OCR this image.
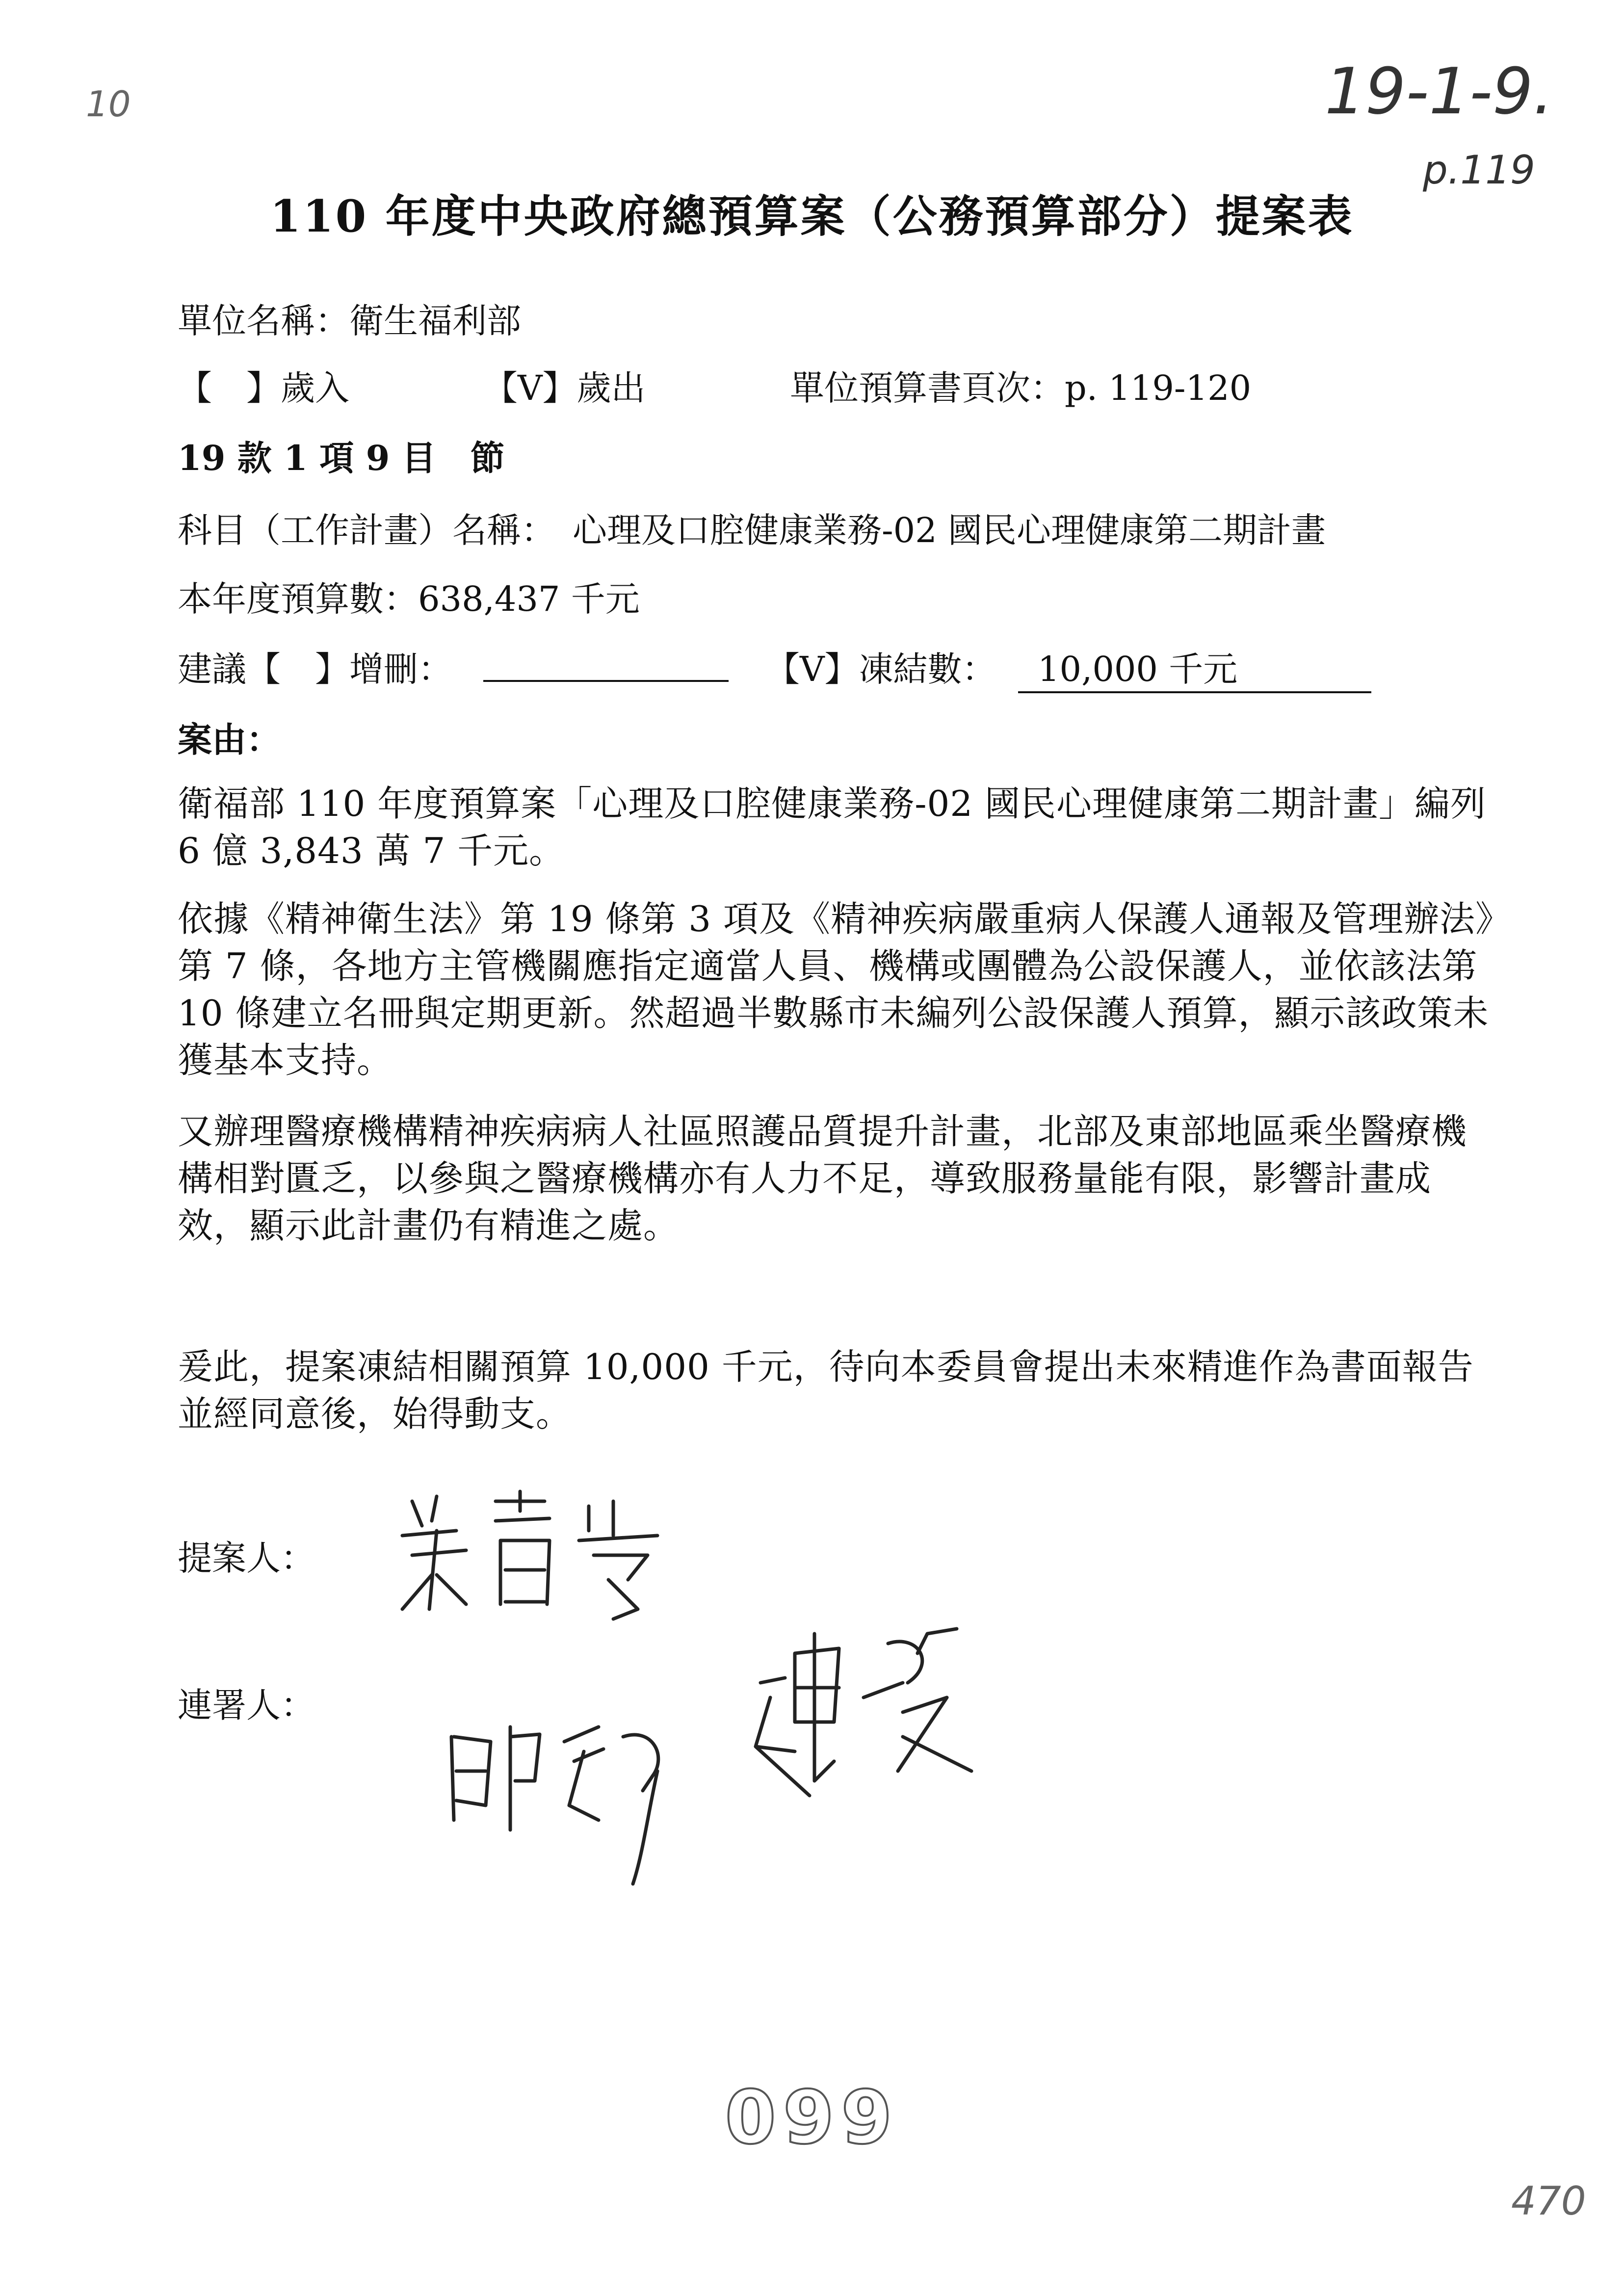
10	19-1-9.
p.119
110 年度中央政府總預算案（公務預算部分）提案表
單位名稱：衛生福利部
【　】歲入	【V】歲出	單位預算書頁次：p. 119-120
19 款 1 項 9 目　節
科目（工作計畫）名稱：　心理及口腔健康業務-02 國民心理健康第二期計畫
本年度預算數：638,437 千元
建議【　】增刪：	【V】凍結數：	10,000 千元
案由：
衛福部 110 年度預算案「心理及口腔健康業務-02 國民心理健康第二期計畫」編列 6 億 3,843 萬 7 千元。
依據《精神衛生法》第 19 條第 3 項及《精神疾病嚴重病人保護人通報及管理辦法》第 7 條，各地方主管機關應指定適當人員、機構或團體為公設保護人，並依該法第 10 條建立名冊與定期更新。然超過半數縣市未編列公設保護人預算，顯示該政策未獲基本支持。
又辦理醫療機構精神疾病病人社區照護品質提升計畫，北部及東部地區乘坐醫療機構相對匱乏，以參與之醫療機構亦有人力不足，導致服務量能有限，影響計畫成效，顯示此計畫仍有精進之處。
爰此，提案凍結相關預算 10,000 千元，待向本委員會提出未來精進作為書面報告並經同意後，始得動支。
提案人：
連署人：
099
470
